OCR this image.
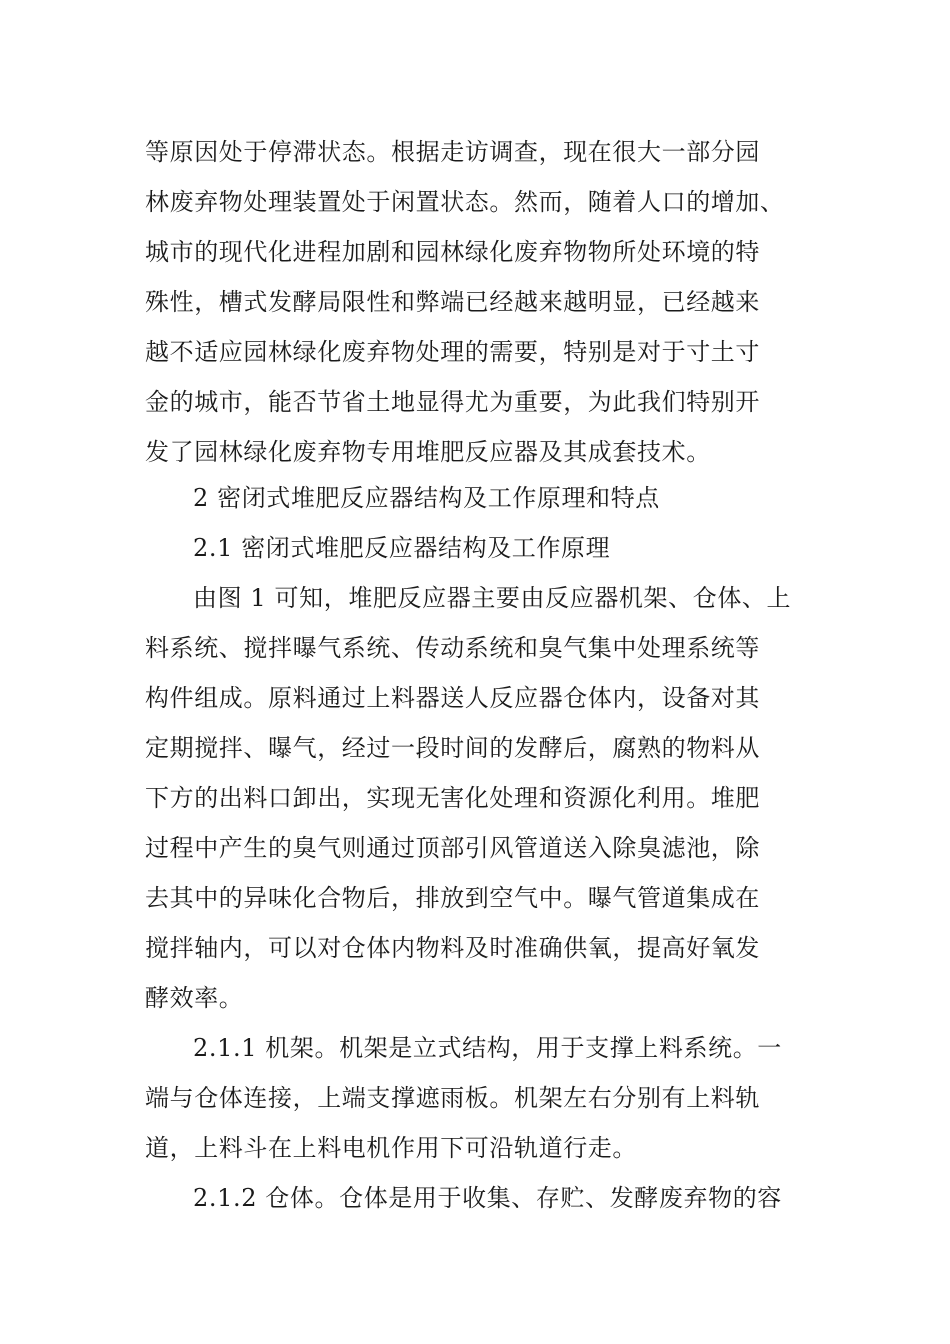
等原因处于停滞状态。根据走访调查，现在很大一部分园
林废弃物处理装置处于闲置状态。然而，随着人口的增加、
城市的现代化进程加剧和园林绿化废弃物物所处环境的特
殊性，槽式发酵局限性和弊端已经越来越明显，已经越来
越不适应园林绿化废弃物处理的需要，特别是对于寸土寸
金的城市，能否节省土地显得尤为重要，为此我们特别开
发了园林绿化废弃物专用堆肥反应器及其成套技术。
2 密闭式堆肥反应器结构及工作原理和特点
2.1 密闭式堆肥反应器结构及工作原理
由图 1 可知，堆肥反应器主要由反应器机架、仓体、上
料系统、搅拌曝气系统、传动系统和臭气集中处理系统等
构件组成。原料通过上料器送人反应器仓体内，设备对其
定期搅拌、曝气，经过一段时间的发酵后，腐熟的物料从
下方的出料口卸出，实现无害化处理和资源化利用。堆肥
过程中产生的臭气则通过顶部引风管道送入除臭滤池，除
去其中的异味化合物后，排放到空气中。曝气管道集成在
搅拌轴内，可以对仓体内物料及时准确供氧，提高好氧发
酵效率。
2.1.1 机架。机架是立式结构，用于支撑上料系统。一
端与仓体连接，上端支撑遮雨板。机架左右分别有上料轨
道，上料斗在上料电机作用下可沿轨道行走。
2.1.2 仓体。仓体是用于收集、存贮、发酵废弃物的容
